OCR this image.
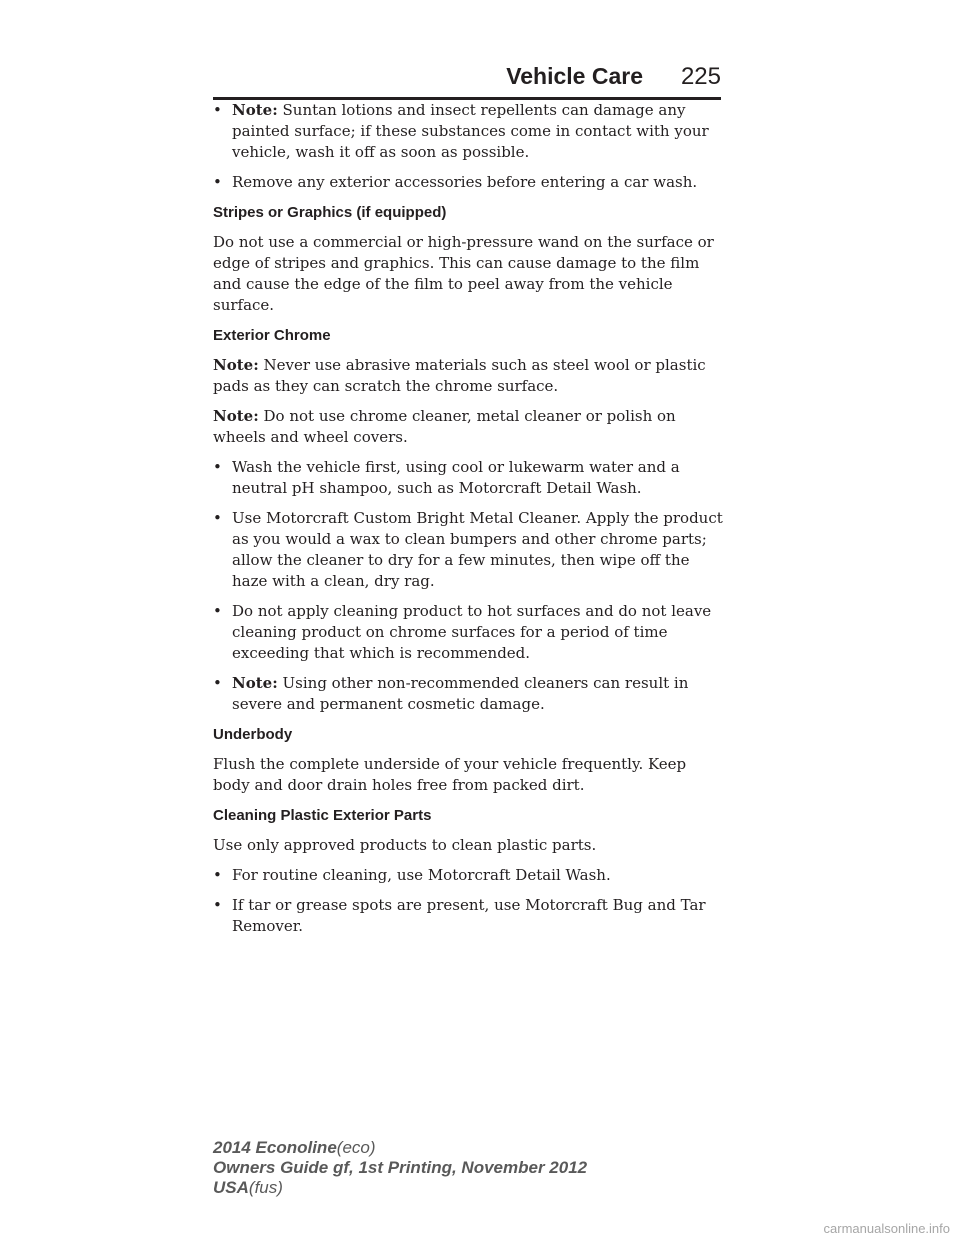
Vehicle Care 225
• Note: Suntan lotions and insect repellents can damage any painted surface; if these substances come in contact with your vehicle, wash it off as soon as possible.
• Remove any exterior accessories before entering a car wash.
Stripes or Graphics (if equipped)

Do not use a commercial or high-pressure wand on the surface or edge of stripes and graphics. This can cause damage to the film and cause the edge of the film to peel away from the vehicle surface.

Exterior Chrome

Note: Never use abrasive materials such as steel wool or plastic pads as they can scratch the chrome surface.

Note: Do not use chrome cleaner, metal cleaner or polish on wheels and wheel covers.

• Wash the vehicle first, using cool or lukewarm water and a neutral pH shampoo, such as Motorcraft Detail Wash.
• Use Motorcraft Custom Bright Metal Cleaner. Apply the product as you would a wax to clean bumpers and other chrome parts; allow the cleaner to dry for a few minutes, then wipe off the haze with a clean, dry rag.
• Do not apply cleaning product to hot surfaces and do not leave cleaning product on chrome surfaces for a period of time exceeding that which is recommended.
• Note: Using other non-recommended cleaners can result in severe and permanent cosmetic damage.
Underbody

Flush the complete underside of your vehicle frequently. Keep body and door drain holes free from packed dirt.

Cleaning Plastic Exterior Parts

Use only approved products to clean plastic parts.

• For routine cleaning, use Motorcraft Detail Wash.
• If tar or grease spots are present, use Motorcraft Bug and Tar Remover.
2014 Econoline(eco)
Owners Guide gf, 1st Printing, November 2012
USA(fus)
carmanualsonline.info
